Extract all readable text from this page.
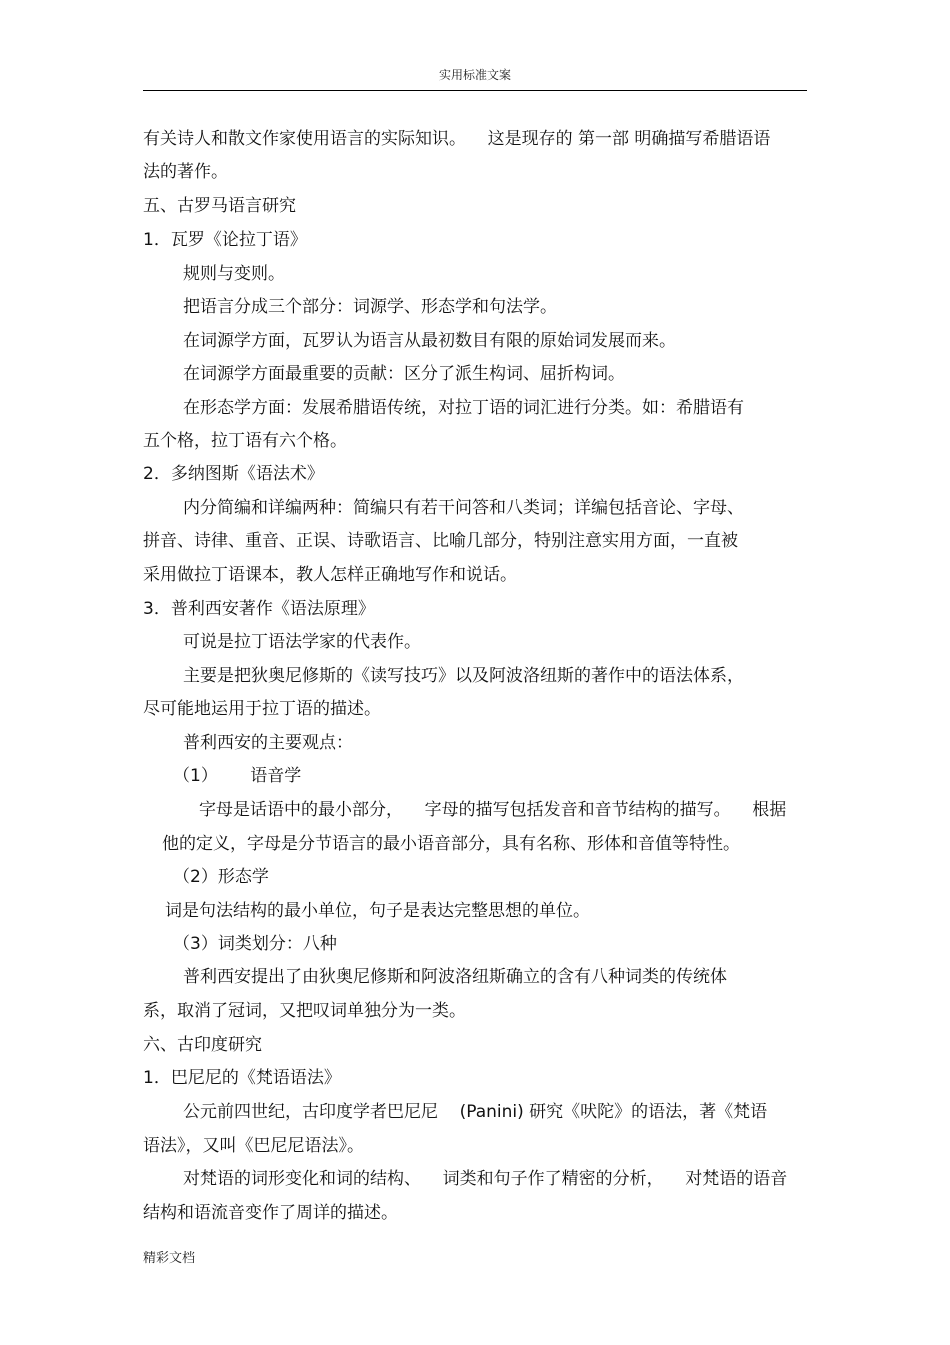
实用标准文案
有关诗人和散文作家使用语言的实际知识。    这是现存的 第一部 明确描写希腊语语
法的著作。
五、古罗马语言研究
1．瓦罗《论拉丁语》
规则与变则。
把语言分成三个部分：词源学、形态学和句法学。
在词源学方面，瓦罗认为语言从最初数目有限的原始词发展而来。
在词源学方面最重要的贡献：区分了派生构词、屈折构词。
在形态学方面：发展希腊语传统，对拉丁语的词汇进行分类。如：希腊语有
五个格，拉丁语有六个格。
2．多纳图斯《语法术》
内分简编和详编两种：简编只有若干问答和八类词；详编包括音论、字母、
拼音、诗律、重音、正误、诗歌语言、比喻几部分，特别注意实用方面，一直被
采用做拉丁语课本，教人怎样正确地写作和说话。
3．普利西安著作《语法原理》
可说是拉丁语法学家的代表作。
主要是把狄奥尼修斯的《读写技巧》以及阿波洛纽斯的著作中的语法体系，
尽可能地运用于拉丁语的描述。
普利西安的主要观点：
（1）      语音学
字母是话语中的最小部分，    字母的描写包括发音和音节结构的描写。    根据
他的定义，字母是分节语言的最小语音部分，具有名称、形体和音值等特性。
（2）形态学
词是句法结构的最小单位，句子是表达完整思想的单位。
（3）词类划分：八种
普利西安提出了由狄奥尼修斯和阿波洛纽斯确立的含有八种词类的传统体
系，取消了冠词，又把叹词单独分为一类。
六、古印度研究
1．巴尼尼的《梵语语法》
公元前四世纪，古印度学者巴尼尼    (Panini) 研究《吠陀》的语法，著《梵语
语法》，又叫《巴尼尼语法》。
对梵语的词形变化和词的结构、    词类和句子作了精密的分析，    对梵语的语音
结构和语流音变作了周详的描述。
精彩文档
